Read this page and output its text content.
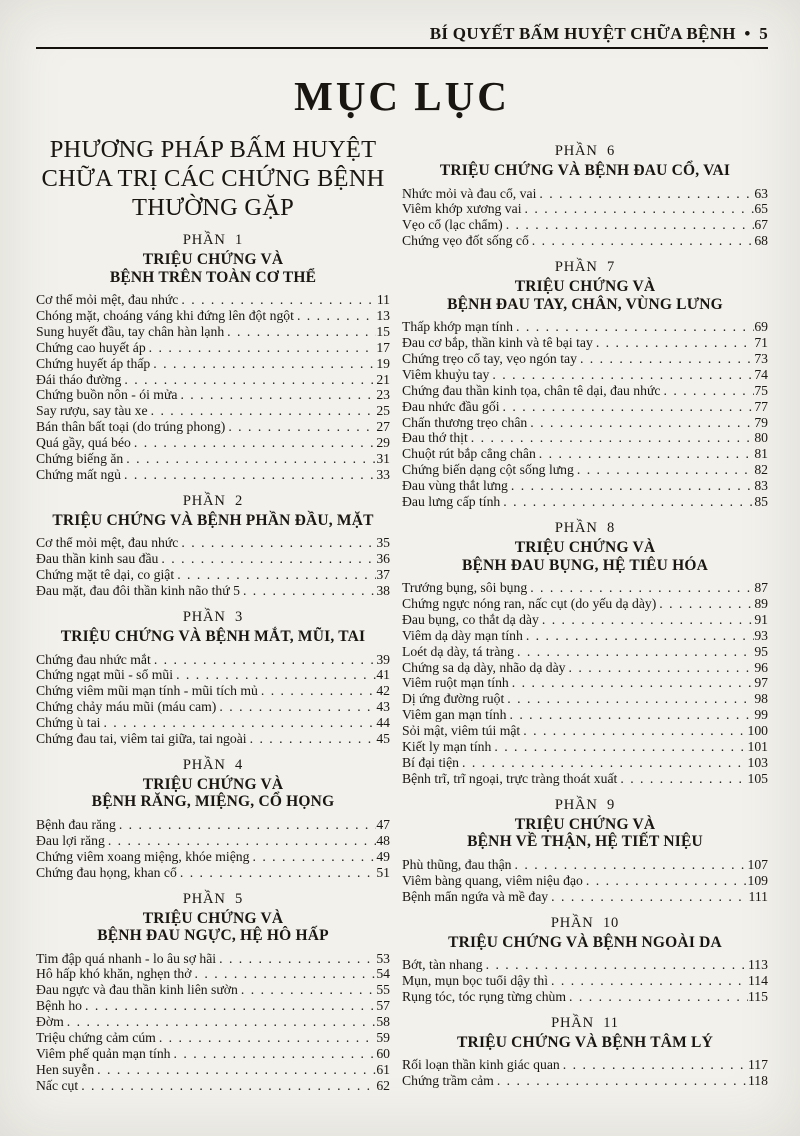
BÍ QUYẾT BẤM HUYỆT CHỮA BỆNH • 5
MỤC LỤC
PHƯƠNG PHÁP BẤM HUYỆT
CHỮA TRỊ CÁC CHỨNG BỆNH
THƯỜNG GẶP
PHẦN 1
TRIỆU CHỨNG VÀ
BỆNH TRÊN TOÀN CƠ THỂ
Cơ thể mỏi mệt, đau nhức . . .	11
Chóng mặt, choáng váng khi đứng lên đột ngột . . .	13
Sung huyết đầu, tay chân hàn lạnh . . .	15
Chứng cao huyết áp . . .	17
Chứng huyết áp thấp . . .	19
Đái tháo đường . . .	21
Chứng buồn nôn - ói mửa . . .	23
Say rượu, say tàu xe . . .	25
Bán thân bất toại (do trúng phong) . . .	27
Quá gầy, quá béo . . .	29
Chứng biếng ăn . . .	31
Chứng mất ngủ . . .	33
PHẦN 2
TRIỆU CHỨNG VÀ BỆNH PHẦN ĐẦU, MẶT
Cơ thể mỏi mệt, đau nhức . . .	35
Đau thần kinh sau đầu . . .	36
Chứng mặt tê dại, co giật . . .	37
Đau mặt, đau đôi thần kinh não thứ 5 . . .	38
PHẦN 3
TRIỆU CHỨNG VÀ BỆNH MẮT, MŨI, TAI
Chứng đau nhức mắt . . .	39
Chứng ngạt mũi - sổ mũi . . .	41
Chứng viêm mũi mạn tính - mũi tích mủ . . .	42
Chứng chảy máu mũi (máu cam) . . .	43
Chứng ù tai . . .	44
Chứng đau tai, viêm tai giữa, tai ngoài . . .	45
PHẦN 4
TRIỆU CHỨNG VÀ
BỆNH RĂNG, MIỆNG, CỔ HỌNG
Bệnh đau răng . . .	47
Đau lợi răng . . .	48
Chứng viêm xoang miệng, khóe miệng . . .	49
Chứng đau họng, khan cổ . . .	51
PHẦN 5
TRIỆU CHỨNG VÀ
BỆNH ĐAU NGỰC, HỆ HÔ HẤP
Tim đập quá nhanh - lo âu sợ hãi . . .	53
Hô hấp khó khăn, nghẹn thở . . .	54
Đau ngực và đau thần kinh liên sườn . . .	55
Bệnh ho . . .	57
Đờm . . .	58
Triệu chứng cảm cúm . . .	59
Viêm phế quản mạn tính . . .	60
Hen suyễn . . .	61
Nấc cụt . . .	62
PHẦN 6
TRIỆU CHỨNG VÀ BỆNH ĐAU CỔ, VAI
Nhức mỏi và đau cổ, vai . . .	63
Viêm khớp xương vai . . .	65
Vẹo cổ (lạc chẩm) . . .	67
Chứng vẹo đốt sống cổ . . .	68
PHẦN 7
TRIỆU CHỨNG VÀ
BỆNH ĐAU TAY, CHÂN, VÙNG LƯNG
Thấp khớp mạn tính . . .	69
Đau cơ bắp, thần kinh và tê bại tay . . .	71
Chứng trẹo cổ tay, vẹo ngón tay . . .	73
Viêm khuỷu tay . . .	74
Chứng đau thần kinh tọa, chân tê dại, đau nhức . . .	75
Đau nhức đầu gối . . .	77
Chấn thương trẹo chân . . .	79
Đau thớ thịt . . .	80
Chuột rút bắp cẳng chân . . .	81
Chứng biến dạng cột sống lưng . . .	82
Đau vùng thắt lưng . . .	83
Đau lưng cấp tính . . .	85
PHẦN 8
TRIỆU CHỨNG VÀ
BỆNH ĐAU BỤNG, HỆ TIÊU HÓA
Trướng bụng, sôi bụng . . .	87
Chứng ngực nóng ran, nấc cụt (do yếu dạ dày) . . .	89
Đau bụng, co thắt dạ dày . . .	91
Viêm dạ dày mạn tính . . .	93
Loét dạ dày, tá tràng . . .	95
Chứng sa dạ dày, nhão dạ dày . . .	96
Viêm ruột mạn tính . . .	97
Dị ứng đường ruột . . .	98
Viêm gan mạn tính . . .	99
Sỏi mật, viêm túi mật . . .	100
Kiết ly mạn tính . . .	101
Bí đại tiện . . .	103
Bệnh trĩ, trĩ ngoại, trực tràng thoát xuất . . .	105
PHẦN 9
TRIỆU CHỨNG VÀ
BỆNH VỀ THẬN, HỆ TIẾT NIỆU
Phù thũng, đau thận . . .	107
Viêm bàng quang, viêm niệu đạo . . .	109
Bệnh mẩn ngứa và mề đay . . .	111
PHẦN 10
TRIỆU CHỨNG VÀ BỆNH NGOÀI DA
Bớt, tàn nhang . . .	113
Mụn, mụn bọc tuổi dậy thì . . .	114
Rụng tóc, tóc rụng từng chùm . . .	115
PHẦN 11
TRIỆU CHỨNG VÀ BỆNH TÂM LÝ
Rối loạn thần kinh giác quan . . .	117
Chứng trầm cảm . . .	118
